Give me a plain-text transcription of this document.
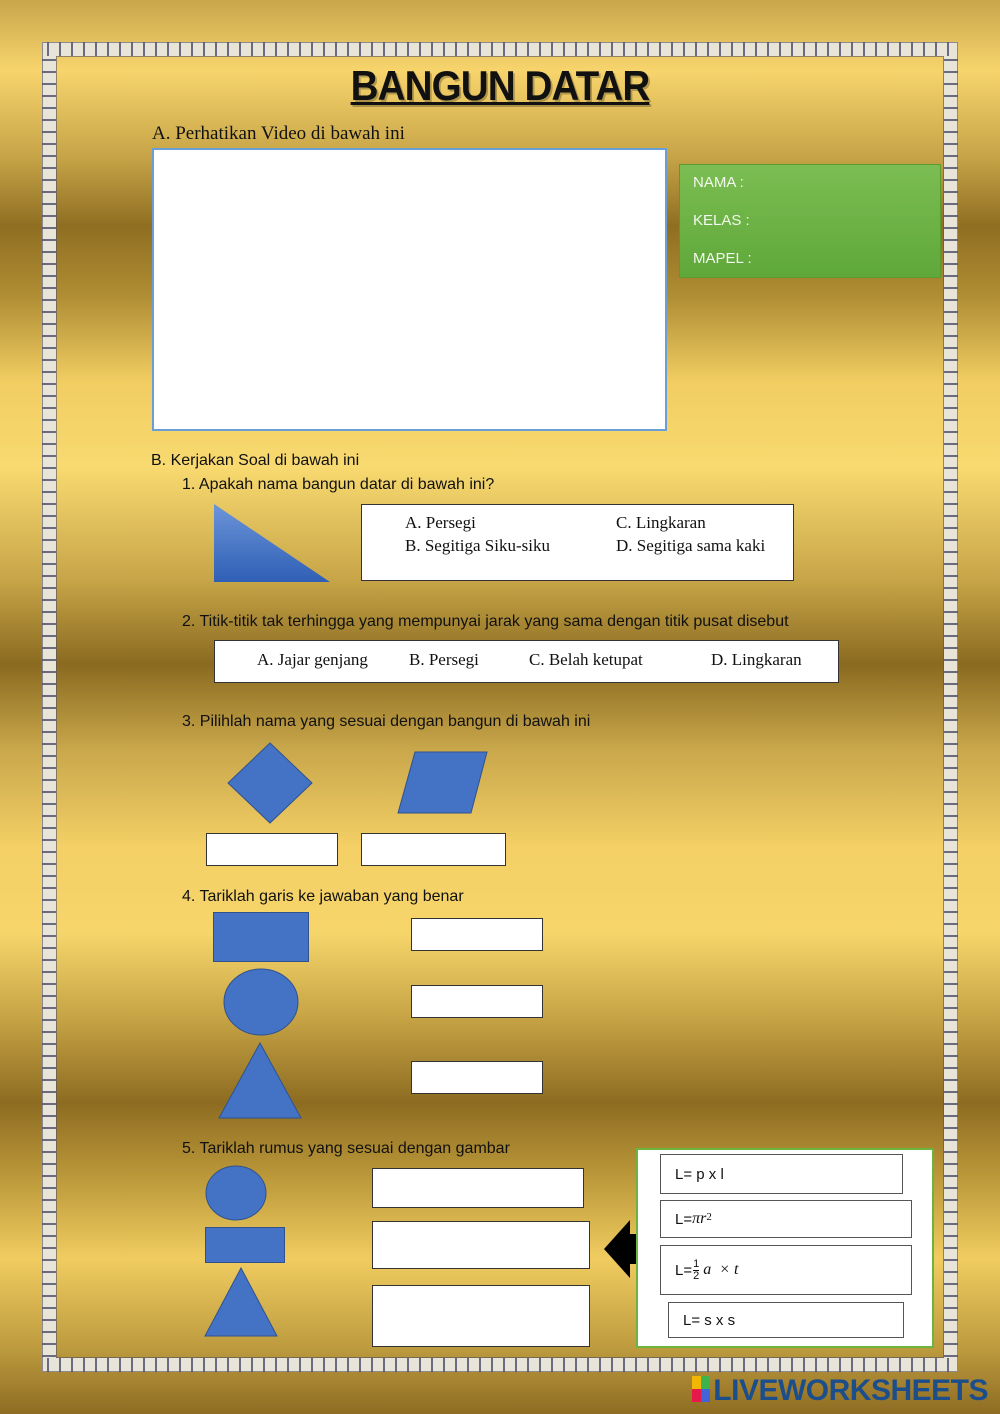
BANGUN DATAR
A. Perhatikan Video di bawah ini
NAMA :
KELAS :
MAPEL :
B. Kerjakan Soal di bawah ini
1. Apakah nama bangun datar di bawah ini?
A. Persegi
B. Segitiga Siku-siku
C. Lingkaran
D. Segitiga sama kaki
2. Titik-titik tak terhingga yang mempunyai jarak yang sama dengan titik pusat disebut
A. Jajar genjang B. Persegi	C. Belah ketupat	D. Lingkaran
3. Pilihlah nama yang sesuai dengan bangun di bawah ini
4. Tariklah garis ke jawaban yang benar
5. Tariklah rumus yang sesuai dengan gambar
L= p x l
$L= \pi r^2$
$L= \frac{1}{2}$ a  × t
L= s x s
LIVEWORKSHEETS
